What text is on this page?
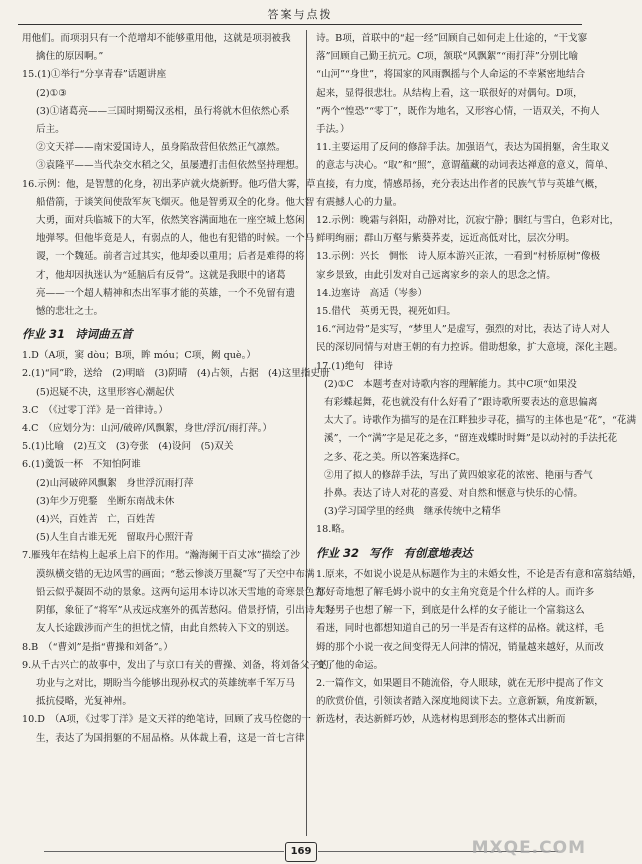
答案与点拨
用他们。而项羽只有一个范增却不能够重用他，这就是项羽被我
擒住的原因啊。”
15.(1)①举行“分享青春”话题讲座
(2)①③
(3)①诸葛亮——三国时期蜀汉丞相，虽行将就木但依然心系
后主。
②文天祥——南宋爱国诗人，虽身陷敌营但依然正气凛然。
③袁隆平——当代杂交水稻之父，虽屡遭打击但依然坚持理想。
16.示例：他，是智慧的化身，初出茅庐就火烧新野。他巧借大雾，草
船借箭，于谈笑间使敌军灰飞烟灭。他是智勇双全的化身。他大智
大勇，面对兵临城下的大军，依然笑容满面地在一座空城上悠闲
地弹琴。但他毕竟是人，有弱点的人，他也有犯错的时候。一个马
谡，一个魏延。前者言过其实，他却委以重用；后者是难得的将
才，他却因执迷认为“延脑后有反骨”。这就是我眼中的诸葛
亮——一个超人精神和杰出军事才能的英雄，一个不免留有遗
憾的悲壮之士。
作业 31 诗词曲五首
1.D（A项，窦 dòu；B项，眸 móu；C项，阙 què。）
2.(1)“同”聆，送给　(2)明暗　(3)阴晴　(4)占领，占据　(4)这里指史册
(5)迟疑不决，这里形容心潮起伏
3.C　（《过零丁洋》是一首律诗。）
4.C　（应划分为：山河/破碎/风飘絮，身世/浮沉/雨打萍。）
5.(1)比喻　(2)互文　(3)夸张　(4)设问　(5)双关
6.(1)羹饭一杯　不知怕阿谁
(2)山河破碎风飘絮　身世浮沉雨打萍
(3)年少万兜鍪　坐断东南战未休
(4)兴，百姓苦　亡，百姓苦
(5)人生自古谁无死　留取丹心照汗青
7.雁残年在结构上起承上启下的作用。“瀚海阑干百丈冰”描绘了沙
漠纵横交错的无边风雪的画面；“愁云惨淡万里凝”写了天空中布满
铅云似乎凝固不动的景象。这两句运用本诗以冰天雪地的奇寒景色为
阴郁，象征了“将军”从戎远戍塞外的孤苦愁闷。借景抒情，引出诗人为
友人长途跋涉而产生的担忧之情，由此自然转入下文的别送。
8.B　（“曹刘”是指“曹操和刘备”。）
9.从千古兴亡的故事中，发出了与京口有关的曹操、刘备，将刘备父子的
功业与之对比，期盼当今能够出现孙权式的英雄统率千军万马
抵抗侵略，光复神州。
10.D　（A项，《过零丁洋》是文天祥的绝笔诗，回顾了戎马倥偬的一
生，表达了为国捐躯的不屈品格。从体裁上看，这是一首七言律
诗。B项，首联中的“起一经”回顾自己如何走上仕途的，“干戈寥
落”回顾自己勤王抗元。C项，颔联“风飘絮”“雨打萍”分别比喻
“山河”“身世”，将国家的风雨飘摇与个人命运的不幸紧密地结合
起来，显得很悲壮。从结构上看，这一联很好的对偶句。D项，
”两个“惶恐”“零丁”，既作为地名，又形容心情，一语双关，不拘人
手法。）
11.主要运用了反问的修辞手法。加强语气，表达为国捐躯，舍生取义
的意志与决心。“取”和“照”，意谓蕴藏的动词表达禅意的意义，简单、
直接，有力度，情感昂扬，充分表达出作者的民族气节与英雄气概，
有震撼人心的力量。
12.示例：晚霜与斜阳，动静对比，沉寂宁静；胭红与雪白，色彩对比，
鲜明绚丽；群山万壑与紫葵荞麦，远近高低对比，层次分明。
13.示例：兴长　惆怅　诗人原本游兴正浓，一看到“村桥原树”像极
家乡景致，由此引发对自己远离家乡的亲人的思念之情。
14.边塞诗　高适（岑参）
15.借代　英勇无畏，视死如归。
16.“河边骨”是实写，“梦里人”是虚写，强烈的对比，表达了诗人对人
民的深切同情与对唐王朝的有力控诉。借助想象，扩大意境，深化主题。
17.(1)绝句　律诗
(2)①C　本题考查对诗歌内容的理解能力。其中C项“如果没
有彩蝶起舞，花也就没有什么好看了”跟诗歌所要表达的意思偏离
太大了。诗歌作为描写的是在江畔独步寻花，描写的主体也是“花”，“花满
溪”，一个“满”字是足花之多，“留连戏蝶时时舞”是以动衬的手法托花
之多、花之美。所以答案选择C。
②用了拟人的修辞手法，写出了黄四娘家花的浓密、艳丽与香气
扑鼻。表达了诗人对花的喜爱、对自然和惬意与快乐的心情。
(3)学习国学里的经典　继承传统中之精华
18.略。
作业 32 写作　有创意地表达
1.原来，不如说小说是从标题作为主的未婚女性，不论是否有意和富翁结婚，
都好奇地想了解毛姆小说中的女主角究竟是个什么样的人。而许多
年轻男子也想了解一下，到底是什么样的女子能让一个富翁这么
看迷，同时也都想知道自己的另一半是否有这样的品格。就这样，毛
姆的那个小说一夜之间变得无人问津的情况，销量越来越好，从而改
变了他的命运。
2.一篇作文，如果题目不随流俗，夺人眼球，就在无形中提高了作文
的欣赏价值，引领读者踏入深度地阅读下去。立意新颖，角度新颖，
新选材，表达新鲜巧妙，从选材构思到形态的整体式出新而
169	MXQE.COM
